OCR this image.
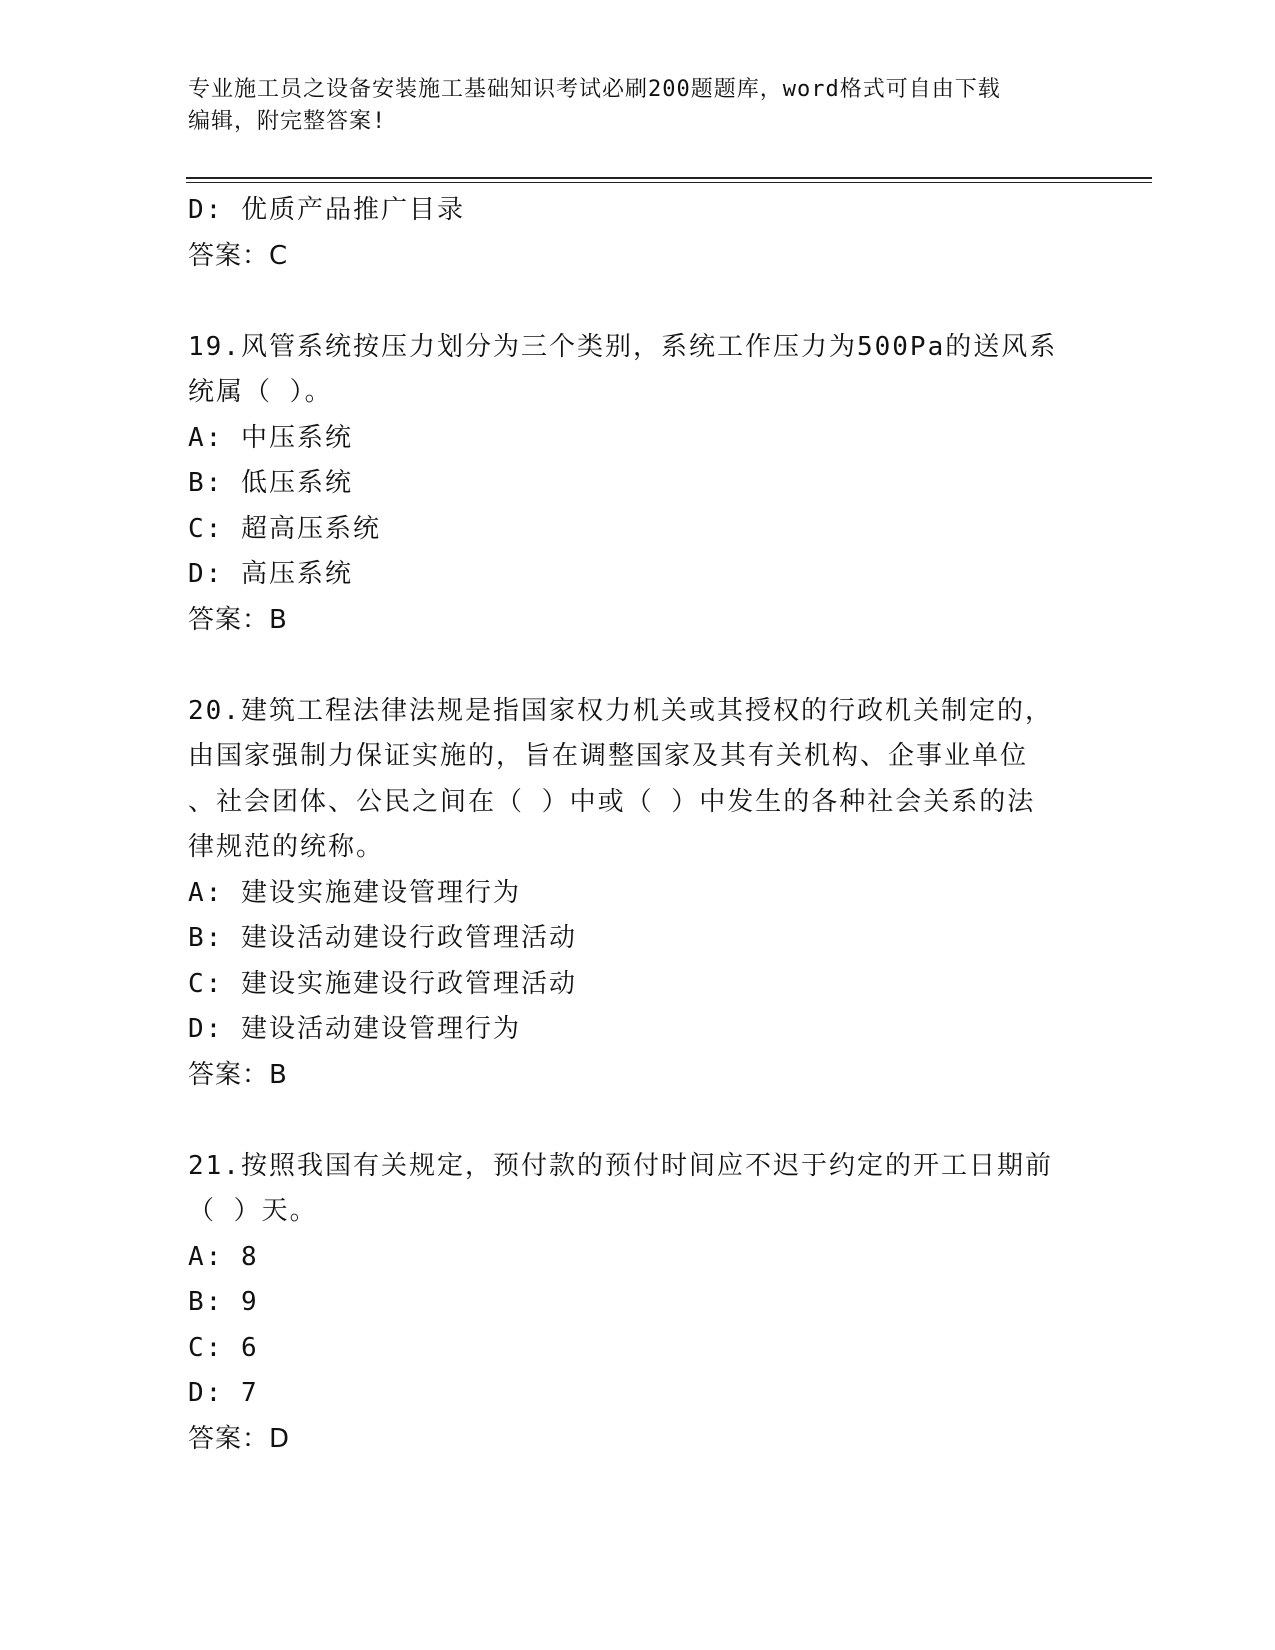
专业施工员之设备安装施工基础知识考试必刷200题题库，word格式可自由下载
编辑，附完整答案!
D: 优质产品推广目录
答案：C
19.风管系统按压力划分为三个类别，系统工作压力为500Pa的送风系
统属（ ）。
A: 中压系统
B: 低压系统
C: 超高压系统
D: 高压系统
答案：B
20.建筑工程法律法规是指国家权力机关或其授权的行政机关制定的，
由国家强制力保证实施的，旨在调整国家及其有关机构、企事业单位
、社会团体、公民之间在（ ）中或（ ）中发生的各种社会关系的法
律规范的统称。
A: 建设实施建设管理行为
B: 建设活动建设行政管理活动
C: 建设实施建设行政管理活动
D: 建设活动建设管理行为
答案：B
21.按照我国有关规定，预付款的预付时间应不迟于约定的开工日期前
（ ）天。
A: 8
B: 9
C: 6
D: 7
答案：D
